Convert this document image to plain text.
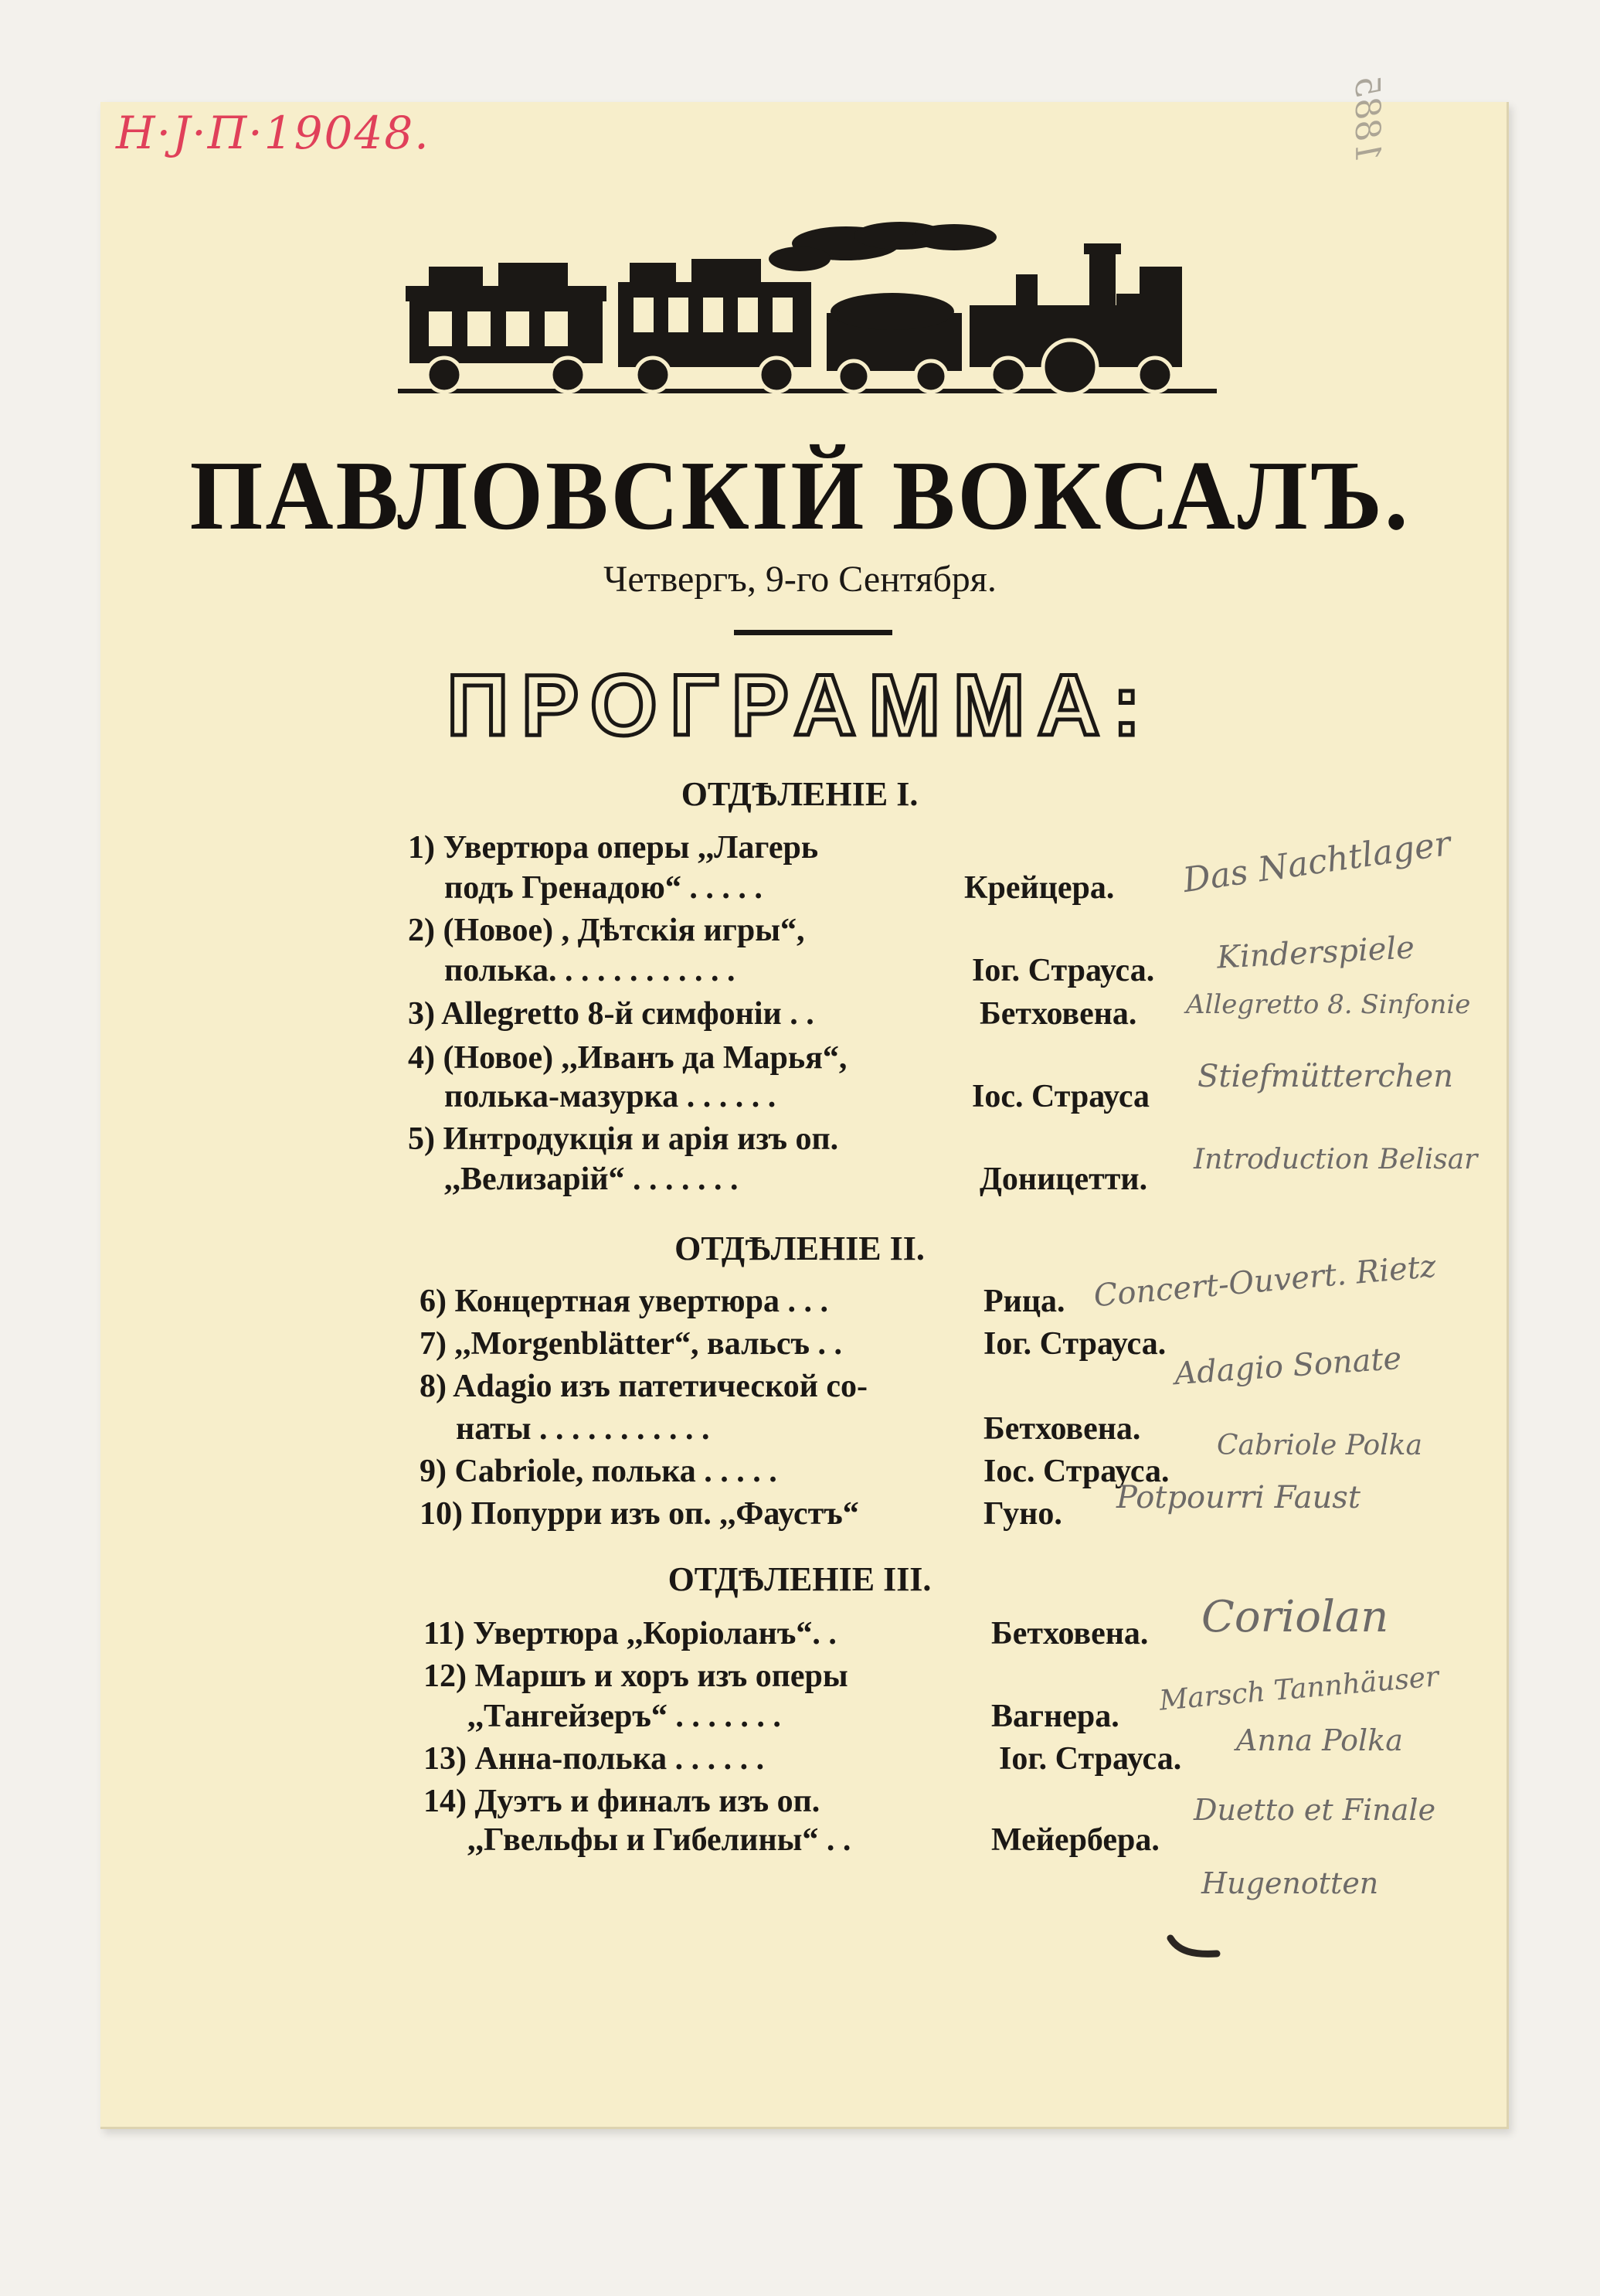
Н·Ј·П·19048.	1885
ПАВЛОВСКІЙ ВОКСАЛЪ.
Четвергъ, 9-го Сентября.
ПРОГРАММА:
ОТДѢЛЕНІЕ I.
1) Увертюра оперы ,,Лагерь
подъ Гренадою“ . . . . .	Крейцера.
2) (Новое) , Дѣтскія игры“,
полька. . . . . . . . . . . .	Іог. Страуса.
3) Allegretto 8-й симфоніи . .	Бетховена.
4) (Новое) ,,Иванъ да Марья“,
полька-мазурка . . . . . .	Іос. Страуса
5) Интродукція и арія изъ оп.
,,Велизарій“ . . . . . . .	Доницетти.
ОТДѢЛЕНІЕ II.
6) Концертная увертюра . . .	Рица.
7) ,,Morgenblätter“, вальсъ . .	Іог. Страуса.
8) Adagio изъ патетической со-
наты . . . . . . . . . . .	Бетховена.
9) Cabriole, полька . . . . .	Іос. Страуса.
10) Попурри изъ оп. ,,Фаустъ“	Гуно.
ОТДѢЛЕНІЕ III.
11) Увертюра ,,Коріоланъ“. .	Бетховена.
12) Маршъ и хоръ изъ оперы
,,Тангейзеръ“ . . . . . . .	Вагнера.
13) Анна-полька . . . . . .	Іог. Страуса.
14) Дуэтъ и финалъ изъ оп.
,,Гвельфы и Гибелины“ . .	Мейербера.
Das Nachtlager
Kinderspiele
Allegretto 8. Sinfonie
Stiefmütterchen
Introduction Belisar
Concert-Ouvert. Rietz
Adagio Sonate
Cabriole Polka
Potpourri Faust
Coriolan
Marsch Tannhäuser
Anna Polka
Duetto et Finale
Hugenotten
